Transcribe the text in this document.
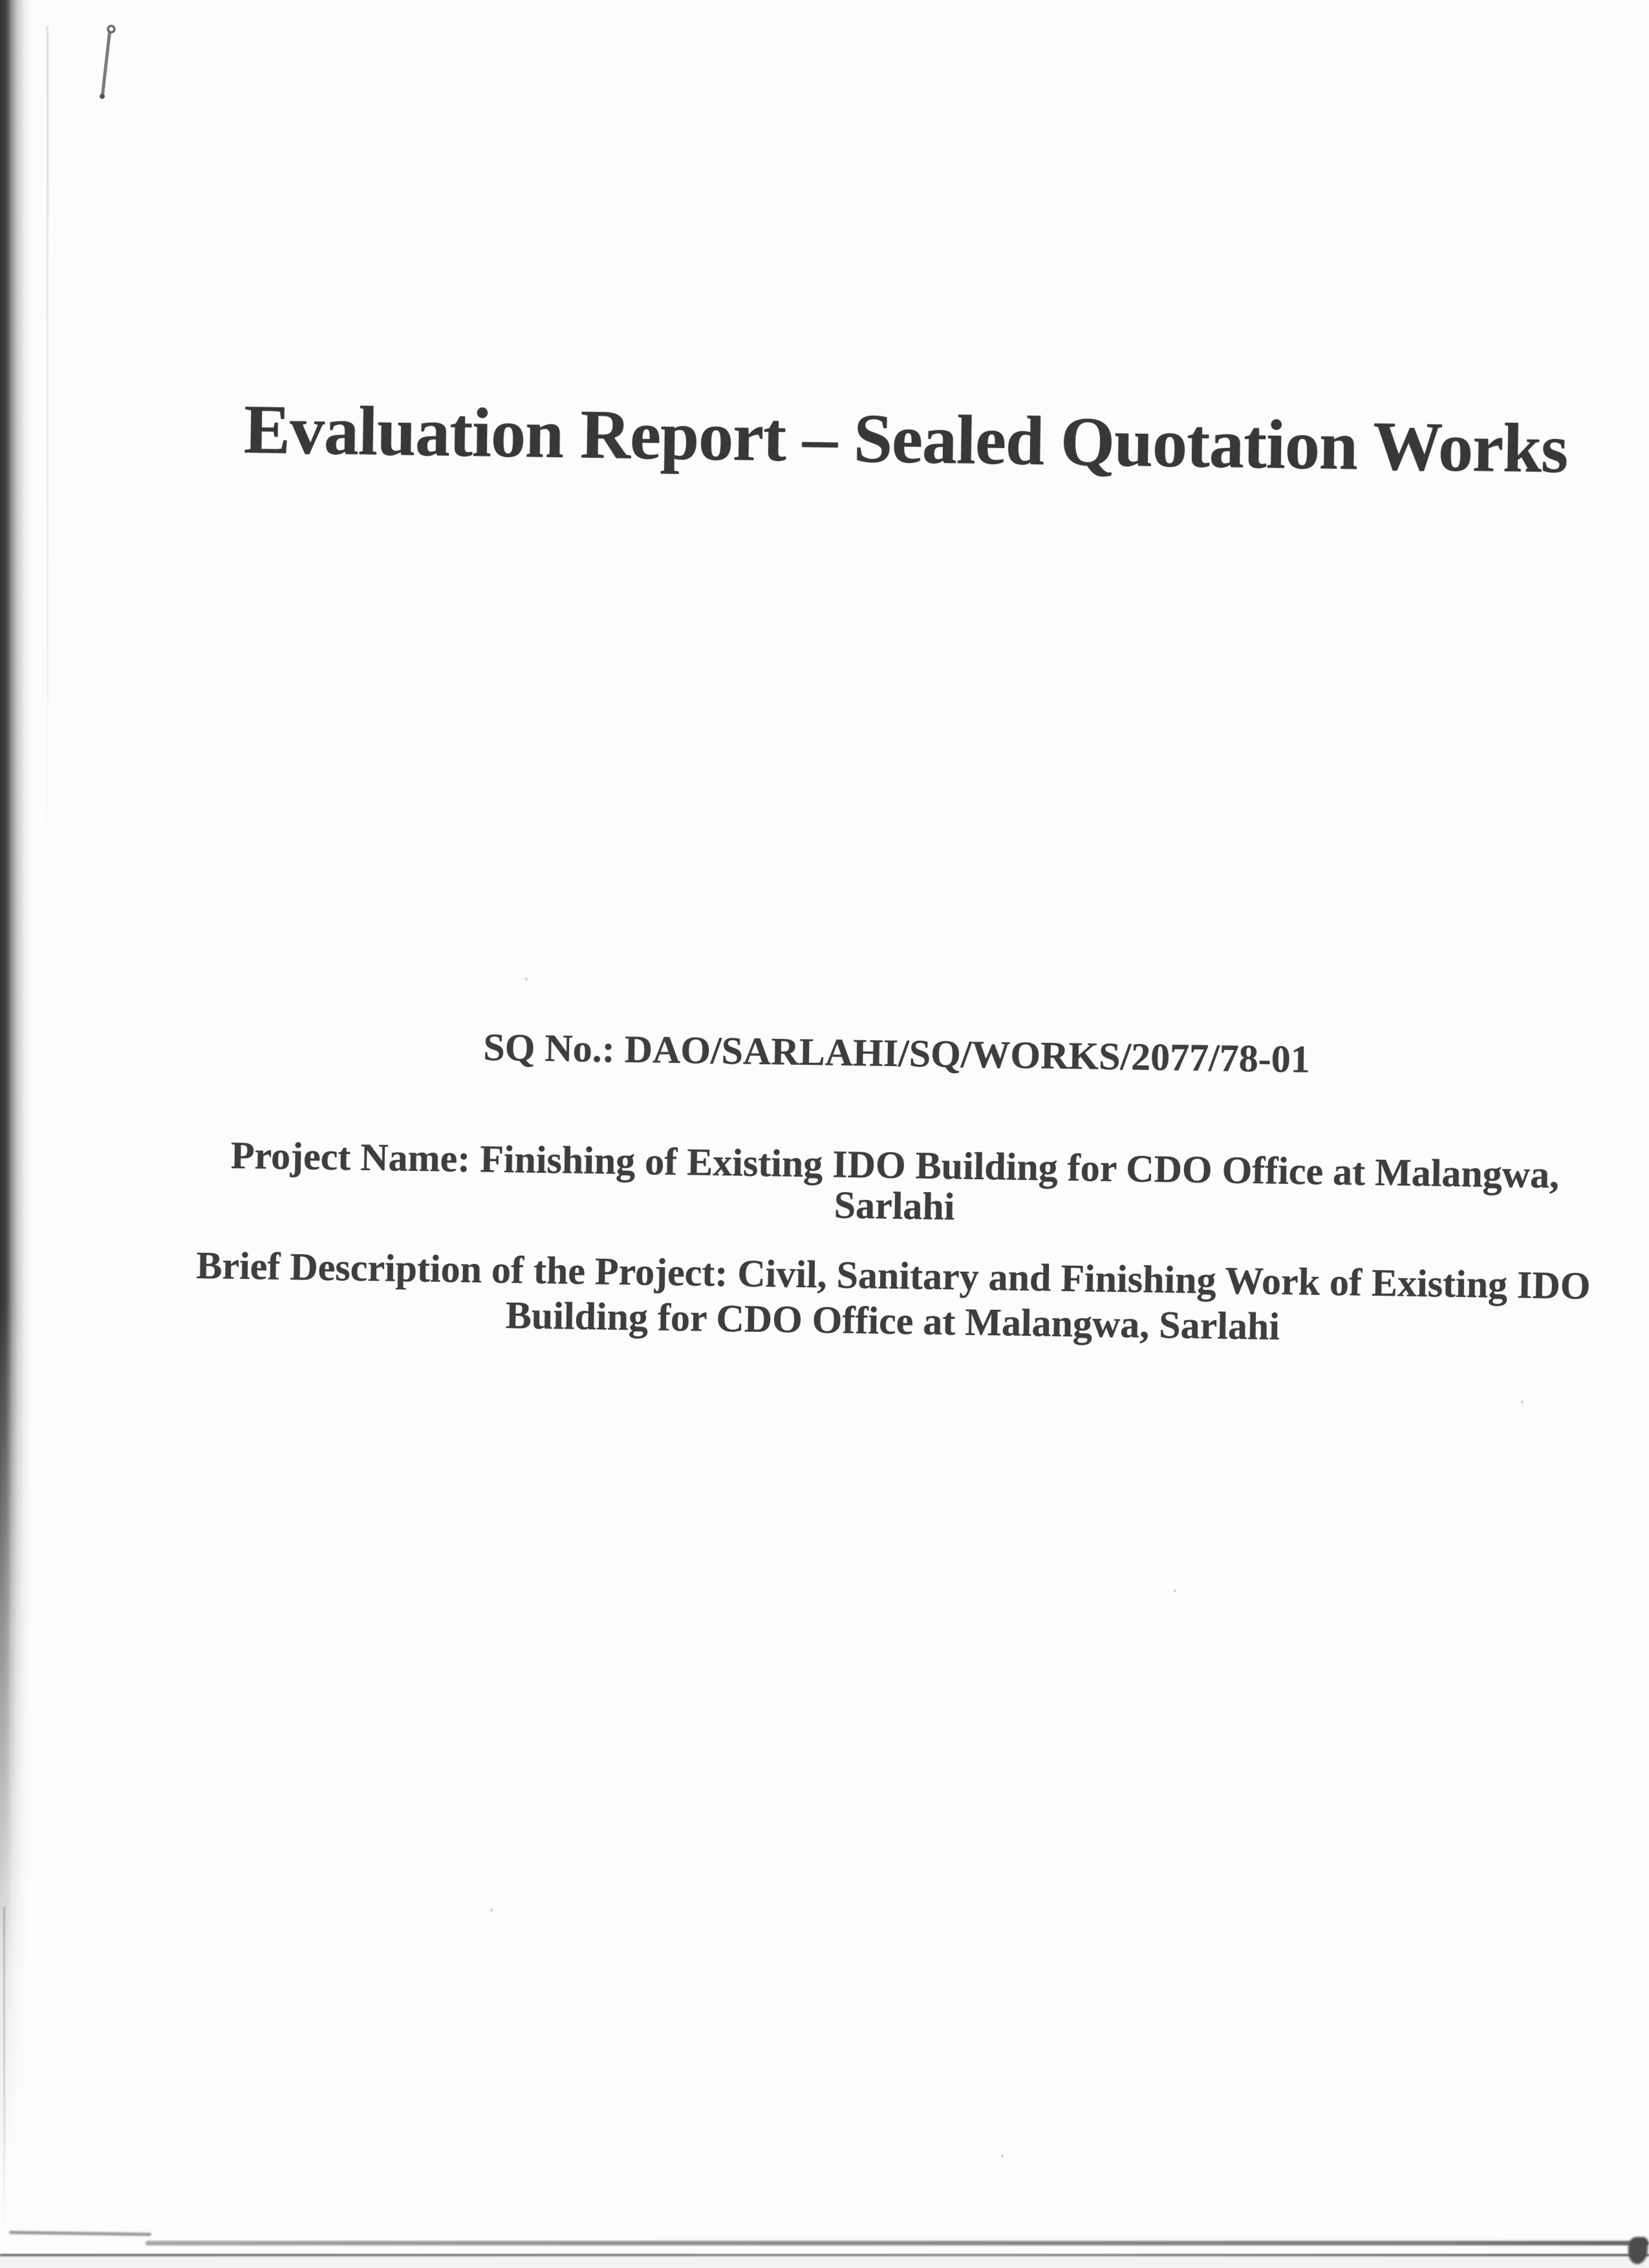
Evaluation Report – Sealed Quotation Works
SQ No.: DAO/SARLAHI/SQ/WORKS/2077/78-01
Project Name: Finishing of Existing IDO Building for CDO Office at Malangwa, Sarlahi
Brief Description of the Project: Civil, Sanitary and Finishing Work of Existing IDO Building for CDO Office at Malangwa, Sarlahi
